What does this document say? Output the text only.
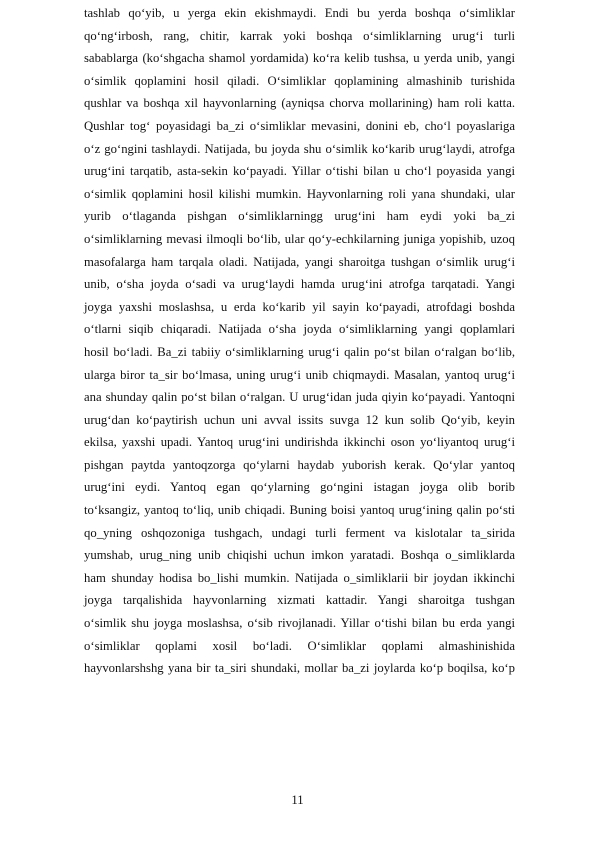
tashlab qo‘yib, u yerga ekin ekishmaydi. Endi bu yerda boshqa o‘simliklar
qo‘ng‘irbosh, rang, chitir, karrak yoki boshqa o‘simliklarning urug‘i turli
sabablarga (ko‘shgacha shamol yordamida) ko‘ra kelib tushsa, u yerda unib, yangi
o‘simlik qoplamini hosil qiladi. O‘simliklar qoplamining almashinib turishida
qushlar va boshqa xil hayvonlarning (ayniqsa chorva mollarining) ham roli katta.
Qushlar tog‘ poyasidagi ba_zi o‘simliklar mevasini, donini eb, cho‘l poyaslariga
o‘z go‘ngini tashlaydi. Natijada, bu joyda shu o‘simlik ko‘karib urug‘laydi, atrofga
urug‘ini tarqatib, asta-sekin ko‘payadi. Yillar o‘tishi bilan u cho‘l poyasida yangi
o‘simlik qoplamini hosil kilishi mumkin. Hayvonlarning roli yana shundaki, ular
yurib o‘tlaganda pishgan o‘simliklarningg urug‘ini ham eydi yoki ba_zi
o‘simliklarning mevasi ilmoqli bo‘lib, ular qo‘y-echkilarning juniga yopishib, uzoq
masofalarga ham tarqala oladi. Natijada, yangi sharoitga tushgan o‘simlik urug‘i
unib, o‘sha joyda o‘sadi va urug‘laydi hamda urug‘ini atrofga tarqatadi. Yangi
joyga yaxshi moslashsa, u erda ko‘karib yil sayin ko‘payadi, atrofdagi boshda
o‘tlarni siqib chiqaradi. Natijada o‘sha joyda o‘simliklarning yangi qoplamlari
hosil bo‘ladi. Ba_zi tabiiy o‘simliklarning urug‘i qalin po‘st bilan o‘ralgan bo‘lib,
ularga biror ta_sir bo‘lmasa, uning urug‘i unib chiqmaydi. Masalan, yantoq urug‘i
ana shunday qalin po‘st bilan o‘ralgan. U urug‘idan juda qiyin ko‘payadi. Yantoqni
urug‘dan ko‘paytirish uchun uni avval issits suvga 12 kun solib Qo‘yib, keyin
ekilsa, yaxshi upadi. Yantoq urug‘ini undirishda ikkinchi oson yo‘liyantoq urug‘i
pishgan paytda yantoqzorga qo‘ylarni haydab yuborish kerak. Qo‘ylar yantoq
urug‘ini eydi. Yantoq egan qo‘ylarning go‘ngini istagan joyga olib borib
to‘ksangiz, yantoq to‘liq, unib chiqadi. Buning boisi yantoq urug‘ining qalin po‘sti
qo_yning oshqozoniga tushgach, undagi turli ferment va kislotalar ta_sirida
yumshab, urug_ning unib chiqishi uchun imkon yaratadi. Boshqa o_simliklarda
ham shunday hodisa bo_lishi mumkin. Natijada o_simliklarii bir joydan ikkinchi
joyga tarqalishida hayvonlarning xizmati kattadir. Yangi sharoitga tushgan
o‘simlik shu joyga moslashsa, o‘sib rivojlanadi. Yillar o‘tishi bilan bu erda yangi
o‘simliklar qoplami xosil bo‘ladi. O‘simliklar qoplami almashinishida
hayvonlarshshg yana bir ta_siri shundaki, mollar ba_zi joylarda ko‘p boqilsa, ko‘p
11
